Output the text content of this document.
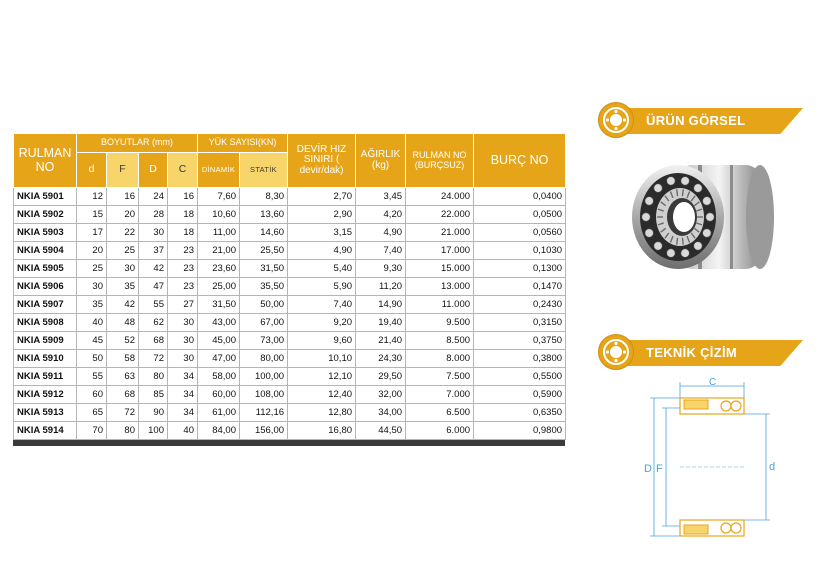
RULMAN NO	BOYUTLAR (mm)				YÜK SAYISI(KN)		DEVİR HIZ SINIRI ( devir/dak)	AĞIRLIK (kg)	RULMAN NO (BURÇSUZ)	BURÇ NO
	d	F	D	C	DİNAMİK	STATİK				
NKIA 5901	12	16	24	16	7,60	8,30	2,70	3,45	24.000	0,0400
NKIA 5902	15	20	28	18	10,60	13,60	2,90	4,20	22.000	0,0500
NKIA 5903	17	22	30	18	11,00	14,60	3,15	4,90	21.000	0,0560
NKIA 5904	20	25	37	23	21,00	25,50	4,90	7,40	17.000	0,1030
NKIA 5905	25	30	42	23	23,60	31,50	5,40	9,30	15.000	0,1300
NKIA 5906	30	35	47	23	25,00	35,50	5,90	11,20	13.000	0,1470
NKIA 5907	35	42	55	27	31,50	50,00	7,40	14,90	11.000	0,2430
NKIA 5908	40	48	62	30	43,00	67,00	9,20	19,40	9.500	0,3150
NKIA 5909	45	52	68	30	45,00	73,00	9,60	21,40	8.500	0,3750
NKIA 5910	50	58	72	30	47,00	80,00	10,10	24,30	8.000	0,3800
NKIA 5911	55	63	80	34	58,00	100,00	12,10	29,50	7.500	0,5500
NKIA 5912	60	68	85	34	60,00	108,00	12,40	32,00	7.000	0,5900
NKIA 5913	65	72	90	34	61,00	112,16	12,80	34,00	6.500	0,6350
NKIA 5914	70	80	100	40	84,00	156,00	16,80	44,50	6.000	0,9800
ÜRÜN GÖRSEL
TEKNİK ÇİZİM
C
D F	d
